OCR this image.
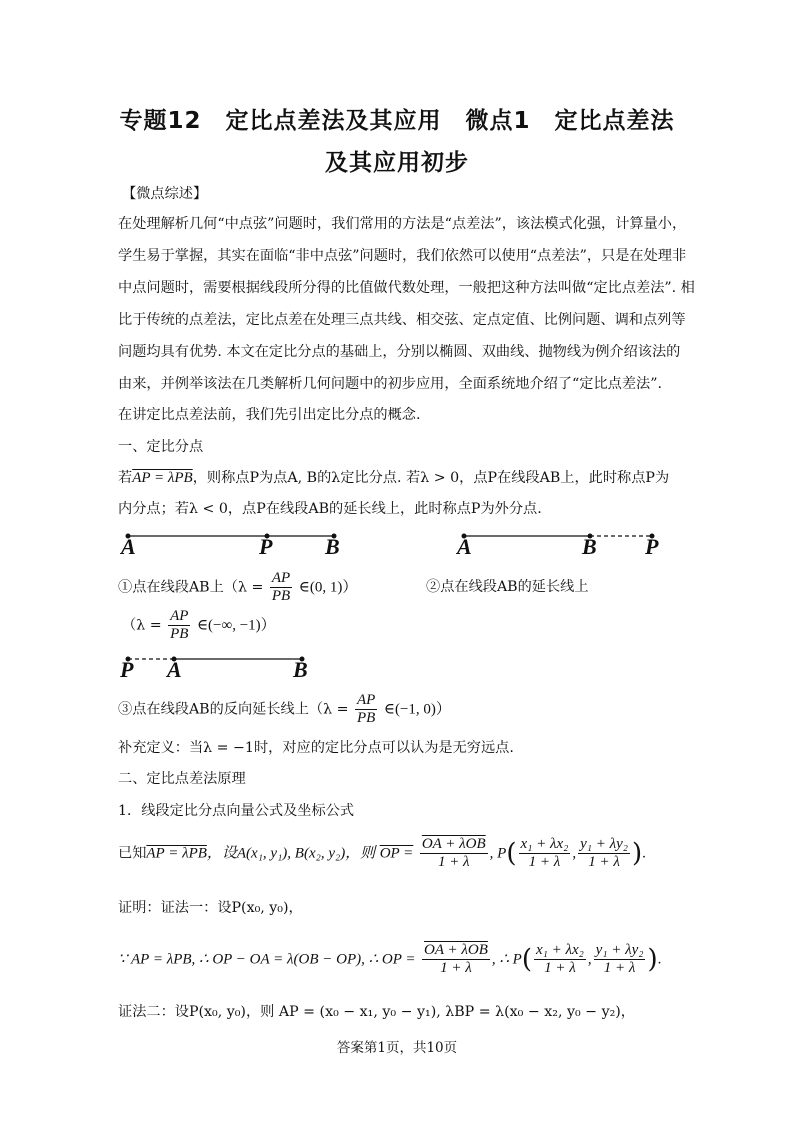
专题12　定比点差法及其应用　微点1　定比点差法
及其应用初步
【微点综述】
在处理解析几何“中点弦”问题时，我们常用的方法是“点差法”，该法模式化强，计算量小，
学生易于掌握，其实在面临“非中点弦”问题时，我们依然可以使用“点差法”，只是在处理非
中点问题时，需要根据线段所分得的比值做代数处理，一般把这种方法叫做“定比点差法”. 相
比于传统的点差法，定比点差在处理三点共线、相交弦、定点定值、比例问题、调和点列等
问题均具有优势. 本文在定比分点的基础上，分别以椭圆、双曲线、抛物线为例介绍该法的
由来，并例举该法在几类解析几何问题中的初步应用，全面系统地介绍了“定比点差法”.
在讲定比点差法前，我们先引出定比分点的概念.
一、定比分点
若AP = λPB，则称点P为点A, B的λ定比分点. 若λ > 0，点P在线段AB上，此时称点P为
内分点；若λ < 0，点P在线段AB的延长线上，此时称点P为外分点.
A	P B	A	B P
P A	B
①点在线段AB上（$\lambda = \frac{AP}{PB}$ ∈(0, 1)）	②点在线段AB的延长线上
（$\lambda = \frac{AP}{PB}$ ∈(−∞, −1)）
③点在线段AB的反向延长线上（$\lambda = \frac{AP}{PB}$ ∈(−1, 0)）
补充定义：当λ = −1时，对应的定比分点可以认为是无穷远点.
二、定比点差法原理
1．线段定比分点向量公式及坐标公式
已知AP = λPB，设A(x₁, y₁), B(x₂, y₂)，则 OP = $\frac{\text{OA + λOB}}{1 + \lambda}$ , $P( \frac{\text{x₁ + λx₂}}{1 + \lambda}$ , $\frac{\text{y₁ + λy₂}}{1 + \lambda}$ ).
证明：证法一：设P(x₀, y₀)，
∵ AP = λPB, ∴ OP − OA = λ(OB − OP), ∴ OP = $\frac{\text{OA + λOB}}{1 + \lambda}$ , ∴ $P( \frac{\text{x₁ + λx₂}}{1 + \lambda}$ , $\frac{\text{y₁ + λy₂}}{1 + \lambda}$ ).
证法二：设P(x₀, y₀)，则 AP = (x₀ − x₁, y₀ − y₁), λBP = λ(x₀ − x₂, y₀ − y₂)，
答案第1页，共10页
